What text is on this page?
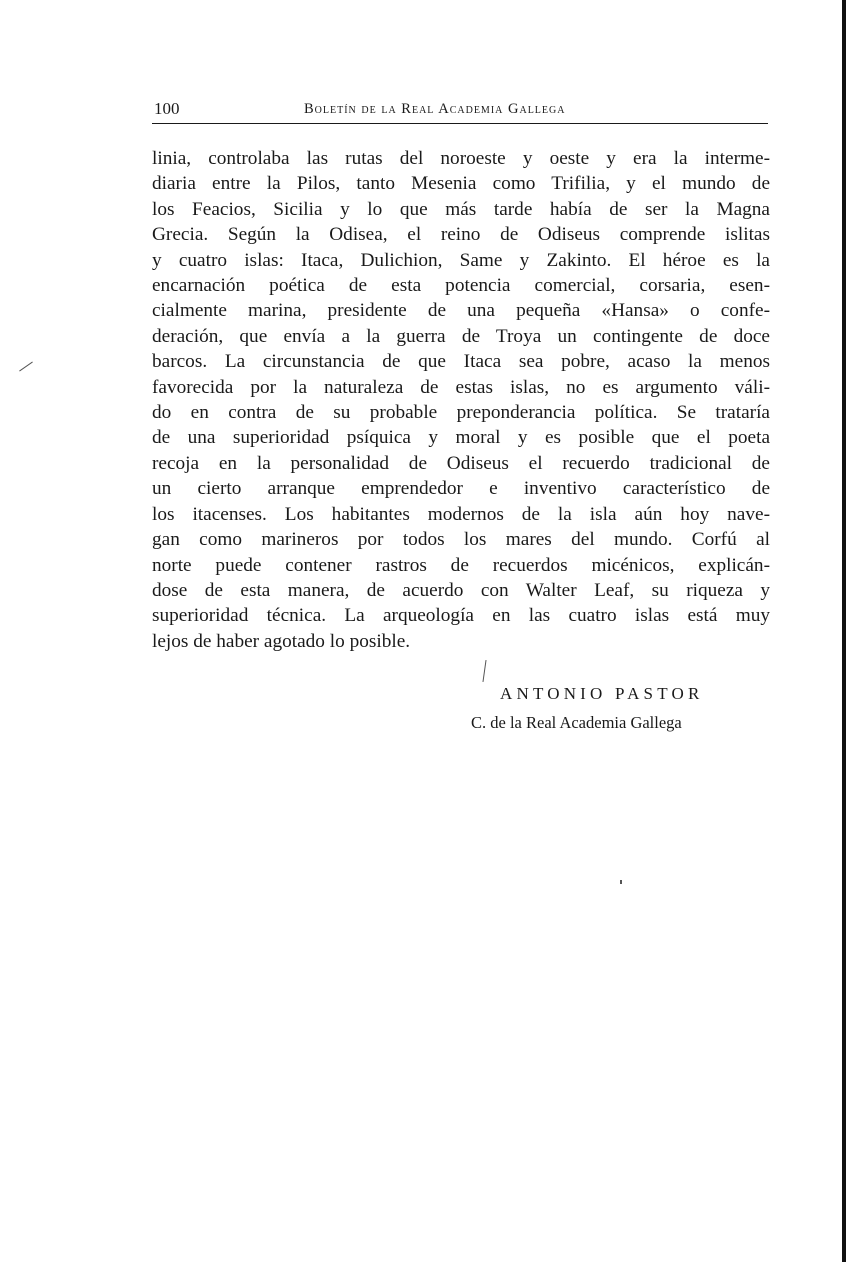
100	Boletín de la Real Academia Gallega
linia, controlaba las rutas del noroeste y oeste y era la interme-
diaria entre la Pilos, tanto Mesenia como Trifilia, y el mundo de
los Feacios, Sicilia y lo que más tarde había de ser la Magna
Grecia. Según la Odisea, el reino de Odiseus comprende islitas
y cuatro islas: Itaca, Dulichion, Same y Zakinto. El héroe es la
encarnación poética de esta potencia comercial, corsaria, esen-
cialmente marina, presidente de una pequeña «Hansa» o confe-
deración, que envía a la guerra de Troya un contingente de doce
barcos. La circunstancia de que Itaca sea pobre, acaso la menos
favorecida por la naturaleza de estas islas, no es argumento váli-
do en contra de su probable preponderancia política. Se trataría
de una superioridad psíquica y moral y es posible que el poeta
recoja en la personalidad de Odiseus el recuerdo tradicional de
un cierto arranque emprendedor e inventivo característico de
los itacenses. Los habitantes modernos de la isla aún hoy nave-
gan como marineros por todos los mares del mundo. Corfú al
norte puede contener rastros de recuerdos micénicos, explicán-
dose de esta manera, de acuerdo con Walter Leaf, su riqueza y
superioridad técnica. La arqueología en las cuatro islas está muy
lejos de haber agotado lo posible.
ANTONIO PASTOR
C. de la Real Academia Gallega
